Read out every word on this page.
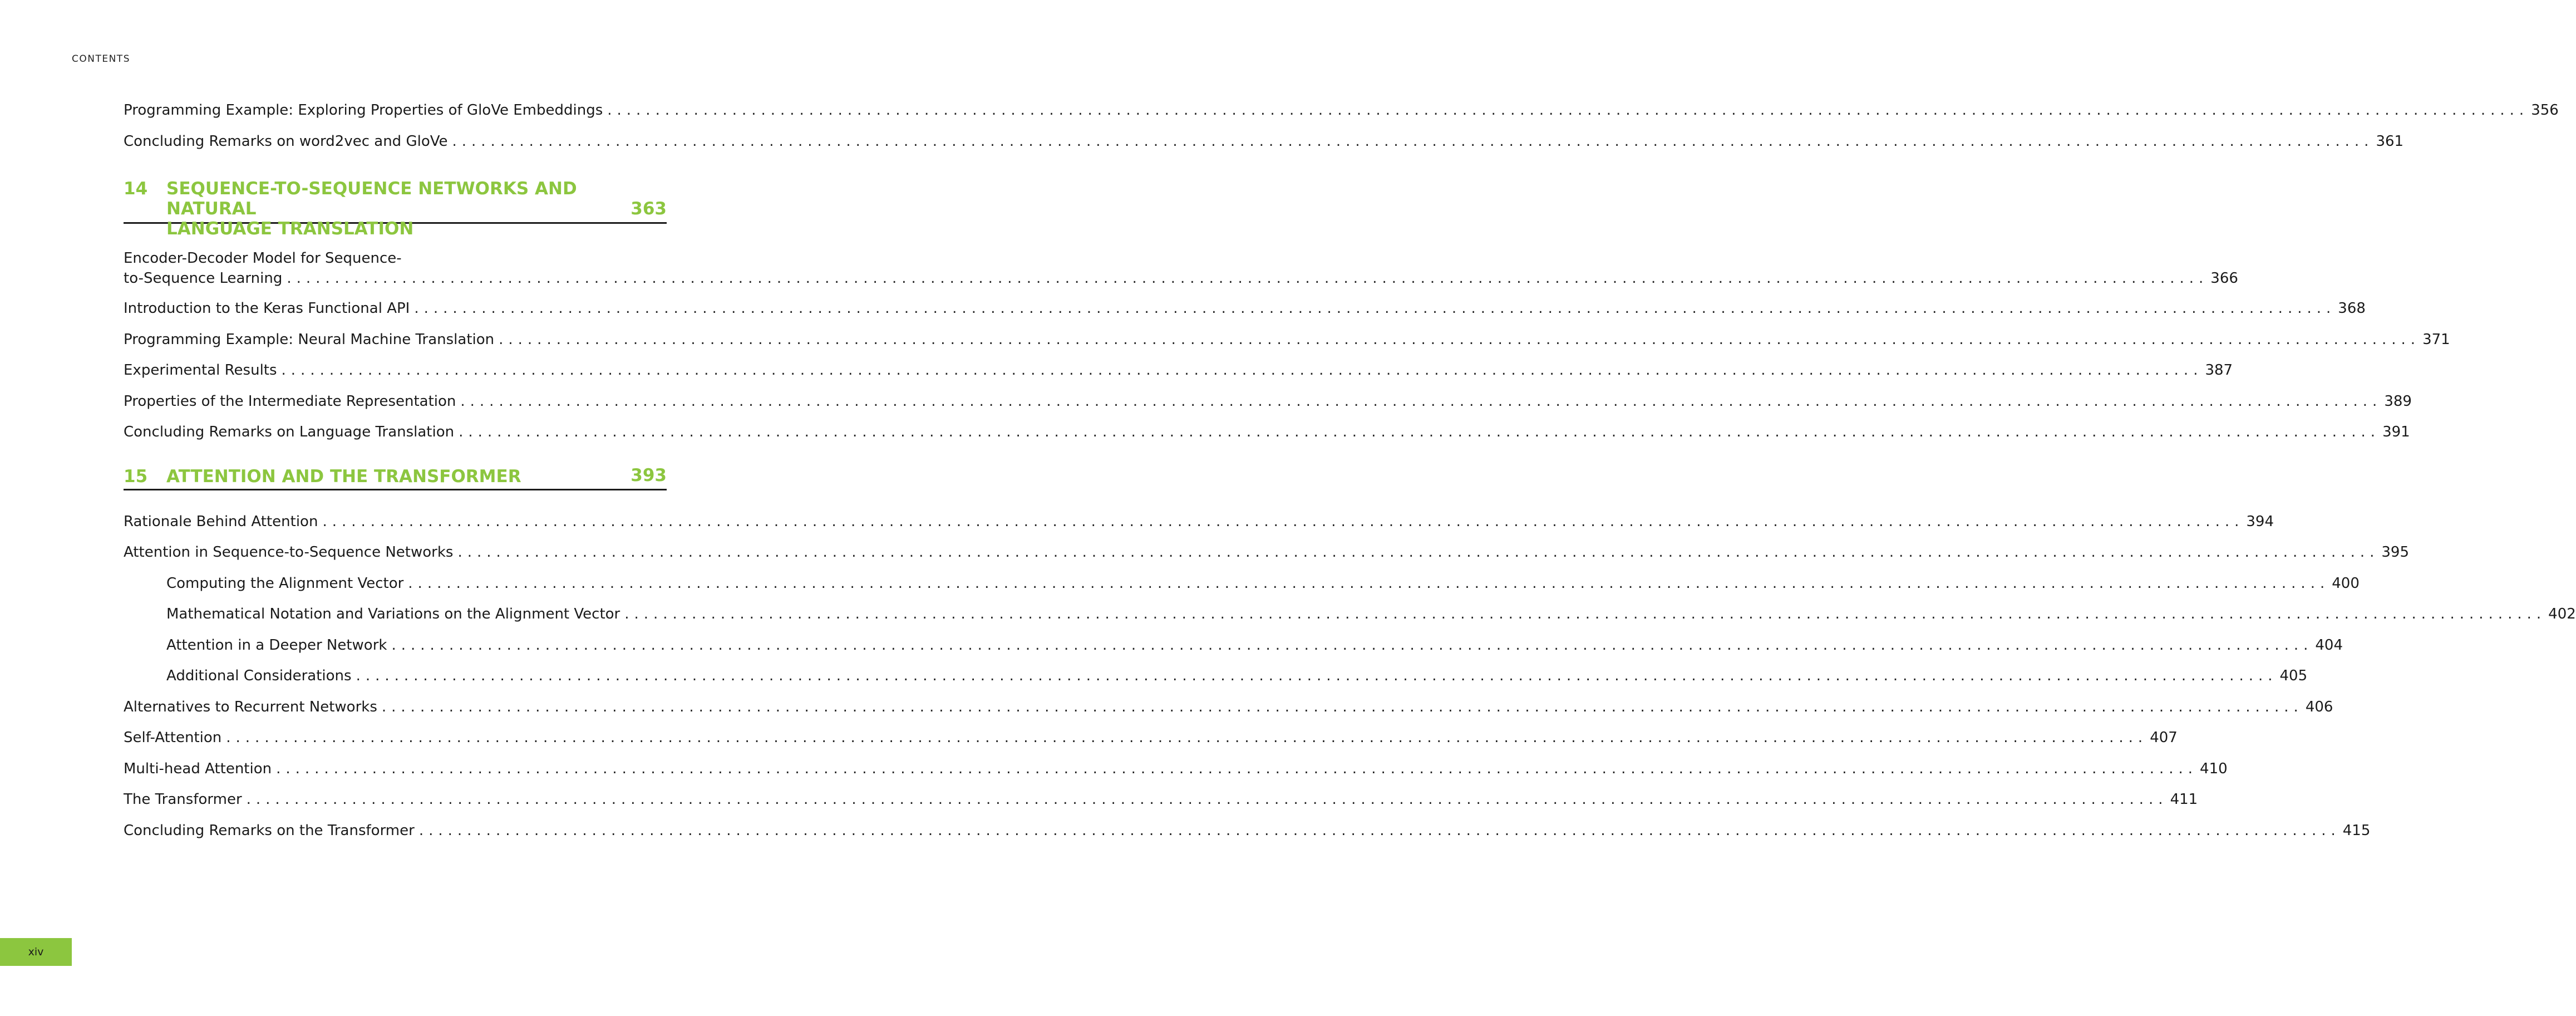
CONTENTS
Programming Example: Exploring Properties of GloVe Embeddings ........................................................................................................................................................................................................ 356
Concluding Remarks on word2vec and GloVe ........................................................................................................................................................................................................ 361
14 SEQUENCE-TO-SEQUENCE NETWORKS AND NATURAL
LANGUAGE TRANSLATION
363
Encoder-Decoder Model for Sequence-
to-Sequence Learning ........................................................................................................................................................................................................ 366
Introduction to the Keras Functional API ........................................................................................................................................................................................................ 368
Programming Example: Neural Machine Translation ........................................................................................................................................................................................................ 371
Experimental Results ........................................................................................................................................................................................................ 387
Properties of the Intermediate Representation ........................................................................................................................................................................................................ 389
Concluding Remarks on Language Translation ........................................................................................................................................................................................................ 391
15 ATTENTION AND THE TRANSFORMER	393
Rationale Behind Attention ........................................................................................................................................................................................................ 394
Attention in Sequence-to-Sequence Networks ........................................................................................................................................................................................................ 395
Computing the Alignment Vector ........................................................................................................................................................................................................ 400
Mathematical Notation and Variations on the Alignment Vector ........................................................................................................................................................................................................ 402
Attention in a Deeper Network ........................................................................................................................................................................................................ 404
Additional Considerations ........................................................................................................................................................................................................ 405
Alternatives to Recurrent Networks ........................................................................................................................................................................................................ 406
Self-Attention ........................................................................................................................................................................................................ 407
Multi-head Attention ........................................................................................................................................................................................................ 410
The Transformer ........................................................................................................................................................................................................ 411
Concluding Remarks on the Transformer ........................................................................................................................................................................................................ 415
xiv
